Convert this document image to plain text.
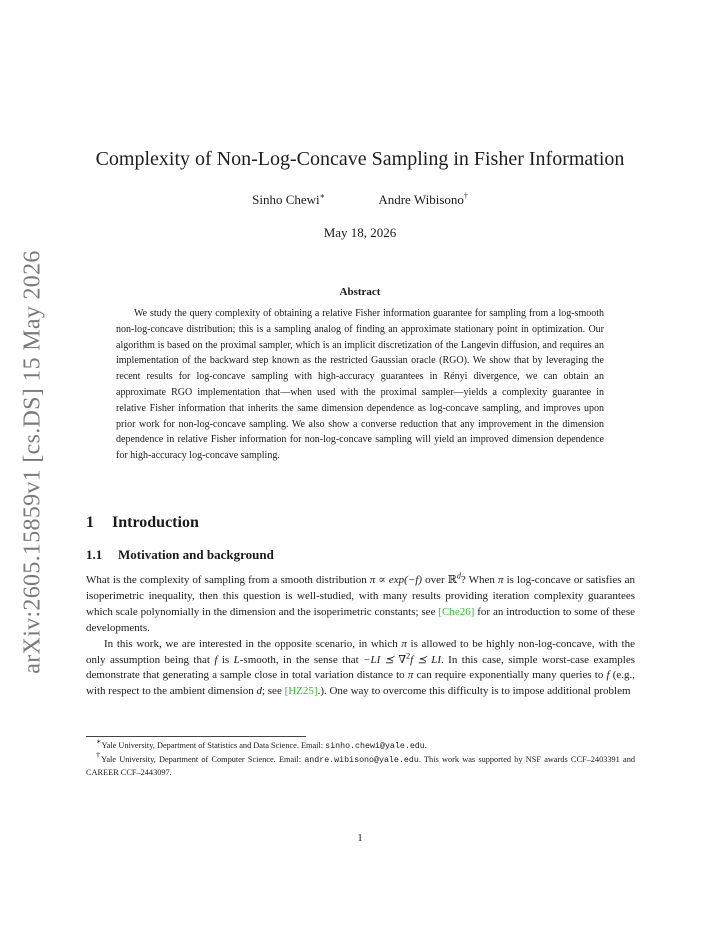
arXiv:2605.15859v1 [cs.DS] 15 May 2026
Complexity of Non-Log-Concave Sampling in Fisher Information
Sinho Chewi∗	Andre Wibisono†
May 18, 2026
Abstract

We study the query complexity of obtaining a relative Fisher information guarantee for sampling from a log-smooth non-log-concave distribution; this is a sampling analog of finding an approximate stationary point in optimization. Our algorithm is based on the proximal sampler, which is an implicit discretization of the Langevin diffusion, and requires an implementation of the backward step known as the restricted Gaussian oracle (RGO). We show that by leveraging the recent results for log-concave sampling with high-accuracy guarantees in Rényi divergence, we can obtain an approximate RGO implementation that—when used with the proximal sampler—yields a complexity guarantee in relative Fisher information that inherits the same dimension dependence as log-concave sampling, and improves upon prior work for non-log-concave sampling. We also show a converse reduction that any improvement in the dimension dependence in relative Fisher information for non-log-concave sampling will yield an improved dimension dependence for high-accuracy log-concave sampling.

1 Introduction
1.1 Motivation and background

What is the complexity of sampling from a smooth distribution π ∝ exp(−f) over ℝ$^d$? When π is log-concave or satisfies an isoperimetric inequality, then this question is well-studied, with many results providing iteration complexity guarantees which scale polynomially in the dimension and the isoperimetric constants; see [Che26] for an introduction to some of these developments.

In this work, we are interested in the opposite scenario, in which π is allowed to be highly non-log-concave, with the only assumption being that f is L-smooth, in the sense that −LI ⪯ ∇$^2$f ⪯ LI. In this case, simple worst-case examples demonstrate that generating a sample close in total variation distance to π can require exponentially many queries to f (e.g., with respect to the ambient dimension d; see [HZ25].). One way to overcome this difficulty is to impose additional problem

∗Yale University, Department of Statistics and Data Science. Email: sinho.chewi@yale.edu.

†Yale University, Department of Computer Science. Email: andre.wibisono@yale.edu. This work was supported by NSF awards CCF–2403391 and CAREER CCF–2443097.

1
